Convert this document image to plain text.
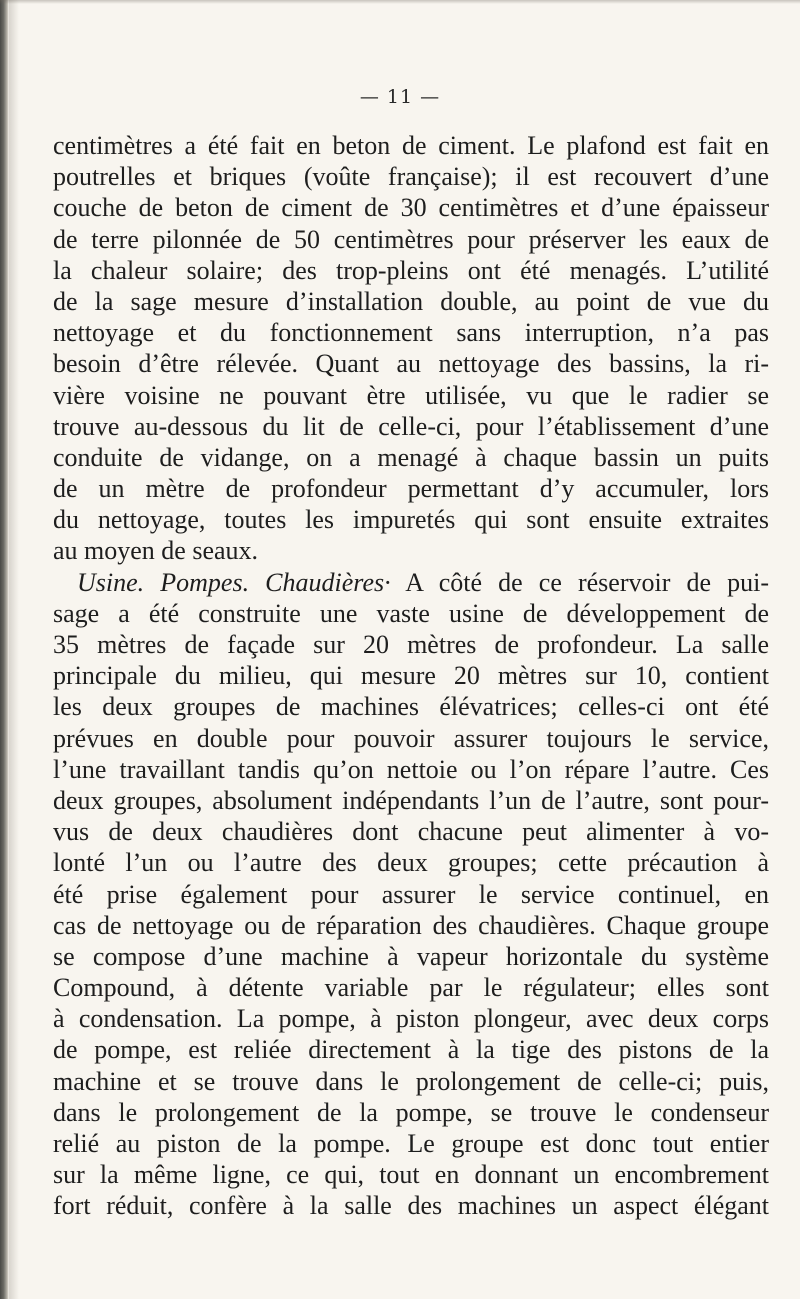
— 11 —
centimètres a été fait en beton de ciment. Le plafond est fait en
poutrelles et briques (voûte française); il est recouvert d’une
couche de beton de ciment de 30 centimètres et d’une épaisseur
de terre pilonnée de 50 centimètres pour préserver les eaux de
la chaleur solaire; des trop-pleins ont été menagés. L’utilité
de la sage mesure d’installation double, au point de vue du
nettoyage et du fonctionnement sans interruption, n’a pas
besoin d’être rélevée. Quant au nettoyage des bassins, la ri-
vière voisine ne pouvant ètre utilisée, vu que le radier se
trouve au-dessous du lit de celle-ci, pour l’établissement d’une
conduite de vidange, on a menagé à chaque bassin un puits
de un mètre de profondeur permettant d’y accumuler, lors
du nettoyage, toutes les impuretés qui sont ensuite extraites
au moyen de seaux.
Usine. Pompes. Chaudières· A côté de ce réservoir de pui-
sage a été construite une vaste usine de développement de
35 mètres de façade sur 20 mètres de profondeur. La salle
principale du milieu, qui mesure 20 mètres sur 10, contient
les deux groupes de machines élévatrices; celles-ci ont été
prévues en double pour pouvoir assurer toujours le service,
l’une travaillant tandis qu’on nettoie ou l’on répare l’autre. Ces
deux groupes, absolument indépendants l’un de l’autre, sont pour-
vus de deux chaudières dont chacune peut alimenter à vo-
lonté l’un ou l’autre des deux groupes; cette précaution à
été prise également pour assurer le service continuel, en
cas de nettoyage ou de réparation des chaudières. Chaque groupe
se compose d’une machine à vapeur horizontale du système
Compound, à détente variable par le régulateur; elles sont
à condensation. La pompe, à piston plongeur, avec deux corps
de pompe, est reliée directement à la tige des pistons de la
machine et se trouve dans le prolongement de celle-ci; puis,
dans le prolongement de la pompe, se trouve le condenseur
relié au piston de la pompe. Le groupe est donc tout entier
sur la même ligne, ce qui, tout en donnant un encombrement
fort réduit, confère à la salle des machines un aspect élégant
